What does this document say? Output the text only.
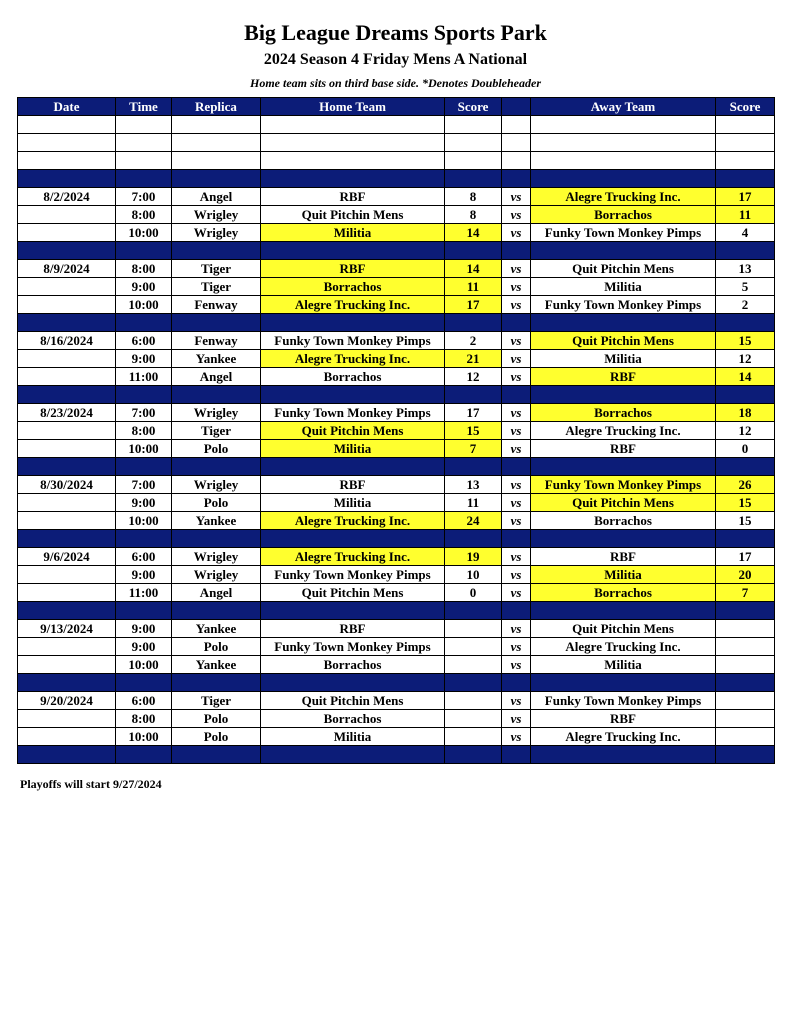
Big League Dreams Sports Park
2024 Season 4 Friday Mens A National
Home team sits on third base side. *Denotes Doubleheader
Date	Time	Replica	Home Team	Score		Away Team	Score

8/2/2024	7:00	Angel	RBF	8	vs	Alegre Trucking Inc.	17
	8:00	Wrigley	Quit Pitchin Mens	8	vs	Borrachos	11
	10:00	Wrigley	Militia	14	vs	Funky Town Monkey Pimps	4

8/9/2024	8:00	Tiger	RBF	14	vs	Quit Pitchin Mens	13
	9:00	Tiger	Borrachos	11	vs	Militia	5
	10:00	Fenway	Alegre Trucking Inc.	17	vs	Funky Town Monkey Pimps	2

8/16/2024	6:00	Fenway	Funky Town Monkey Pimps	2	vs	Quit Pitchin Mens	15
	9:00	Yankee	Alegre Trucking Inc.	21	vs	Militia	12
	11:00	Angel	Borrachos	12	vs	RBF	14

8/23/2024	7:00	Wrigley	Funky Town Monkey Pimps	17	vs	Borrachos	18
	8:00	Tiger	Quit Pitchin Mens	15	vs	Alegre Trucking Inc.	12
	10:00	Polo	Militia	7	vs	RBF	0

8/30/2024	7:00	Wrigley	RBF	13	vs	Funky Town Monkey Pimps	26
	9:00	Polo	Militia	11	vs	Quit Pitchin Mens	15
	10:00	Yankee	Alegre Trucking Inc.	24	vs	Borrachos	15

9/6/2024	6:00	Wrigley	Alegre Trucking Inc.	19	vs	RBF	17
	9:00	Wrigley	Funky Town Monkey Pimps	10	vs	Militia	20
	11:00	Angel	Quit Pitchin Mens	0	vs	Borrachos	7

9/13/2024	9:00	Yankee	RBF		vs	Quit Pitchin Mens	
	9:00	Polo	Funky Town Monkey Pimps		vs	Alegre Trucking Inc.	
	10:00	Yankee	Borrachos		vs	Militia	

9/20/2024	6:00	Tiger	Quit Pitchin Mens		vs	Funky Town Monkey Pimps	
	8:00	Polo	Borrachos		vs	RBF	
	10:00	Polo	Militia		vs	Alegre Trucking Inc.	

Playoffs will start 9/27/2024
